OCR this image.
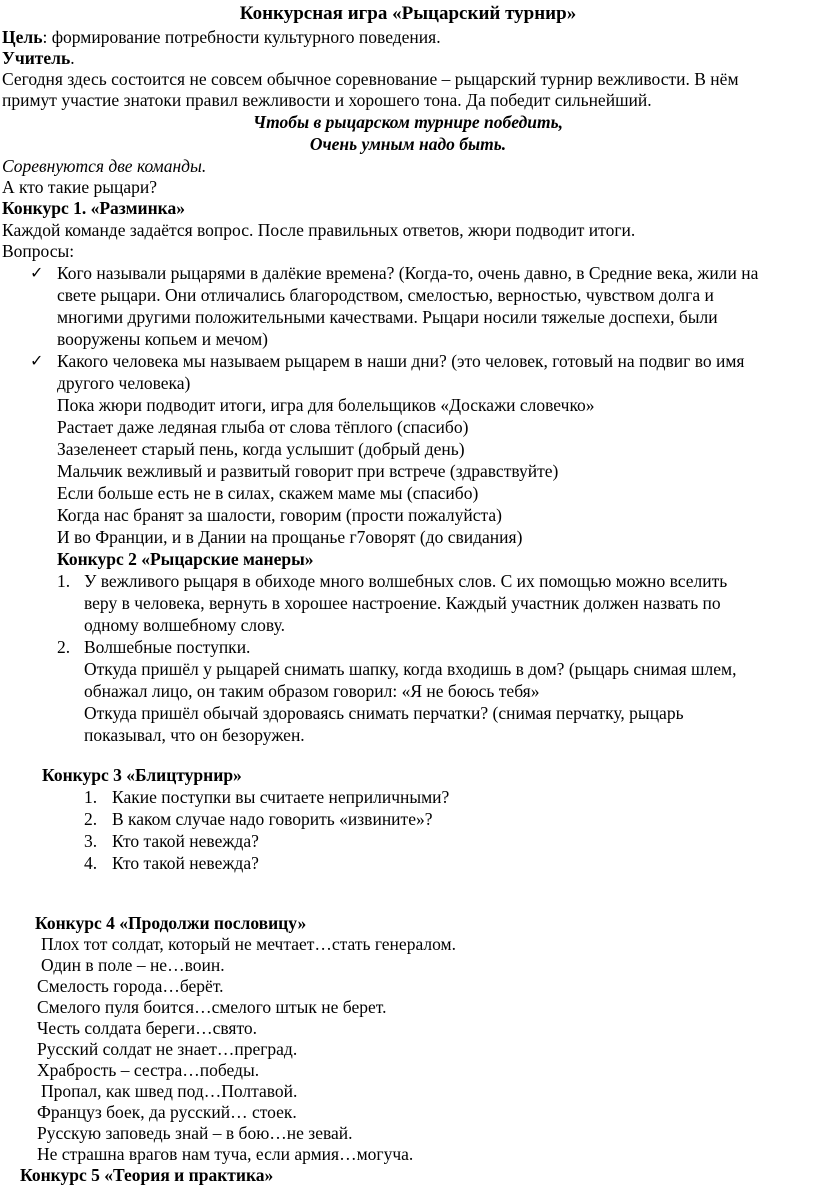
Конкурсная игра «Рыцарский турнир»
Цель: формирование потребности культурного поведения.
Учитель.
Сегодня здесь состоится не совсем обычное соревнование – рыцарский турнир вежливости. В нём
примут участие знатоки правил вежливости и хорошего тона. Да победит сильнейший.
Чтобы в рыцарском турнире победить,
Очень умным надо быть.
Соревнуются две команды.
А кто такие рыцари?
Конкурс 1. «Разминка»
Каждой команде задаётся вопрос. После правильных ответов, жюри подводит итоги.
Вопросы:
✓ Кого называли рыцарями в далёкие времена? (Когда-то, очень давно, в Средние века, жили на
свете рыцари. Они отличались благородством, смелостью, верностью, чувством долга и
многими другими положительными качествами. Рыцари носили тяжелые доспехи, были
вооружены копьем и мечом)
✓ Какого человека мы называем рыцарем в наши дни? (это человек, готовый на подвиг во имя
другого человека)
Пока жюри подводит итоги, игра для болельщиков «Доскажи словечко»
Растает даже ледяная глыба от слова тёплого (спасибо)
Зазеленеет старый пень, когда услышит (добрый день)
Мальчик вежливый и развитый говорит при встрече (здравствуйте)
Если больше есть не в силах, скажем маме мы (спасибо)
Когда нас бранят за шалости, говорим (прости пожалуйста)
И во Франции, и в Дании на прощанье г7оворят (до свидания)
Конкурс 2 «Рыцарские манеры»
1. У вежливого рыцаря в обиходе много волшебных слов. С их помощью можно вселить
веру в человека, вернуть в хорошее настроение. Каждый участник должен назвать по
одному волшебному слову.
2. Волшебные поступки.
Откуда пришёл у рыцарей снимать шапку, когда входишь в дом? (рыцарь снимая шлем,
обнажал лицо, он таким образом говорил: «Я не боюсь тебя»
Откуда пришёл обычай здороваясь снимать перчатки? (снимая перчатку, рыцарь
показывал, что он безоружен.
Конкурс 3 «Блицтурнир»
1. Какие поступки вы считаете неприличными?
2. В каком случае надо говорить «извините»?
3. Кто такой невежда?
4. Кто такой невежда?
Конкурс 4 «Продолжи пословицу»
Плох тот солдат, который не мечтает…стать генералом.
Один в поле – не…воин.
Смелость города…берёт.
Смелого пуля боится…смелого штык не берет.
Честь солдата береги…свято.
Русский солдат не знает…преград.
Храбрость – сестра…победы.
Пропал, как швед под…Полтавой.
Француз боек, да русский… стоек.
Русскую заповедь знай – в бою…не зевай.
Не страшна врагов нам туча, если армия…могуча.
Конкурс 5 «Теория и практика»
